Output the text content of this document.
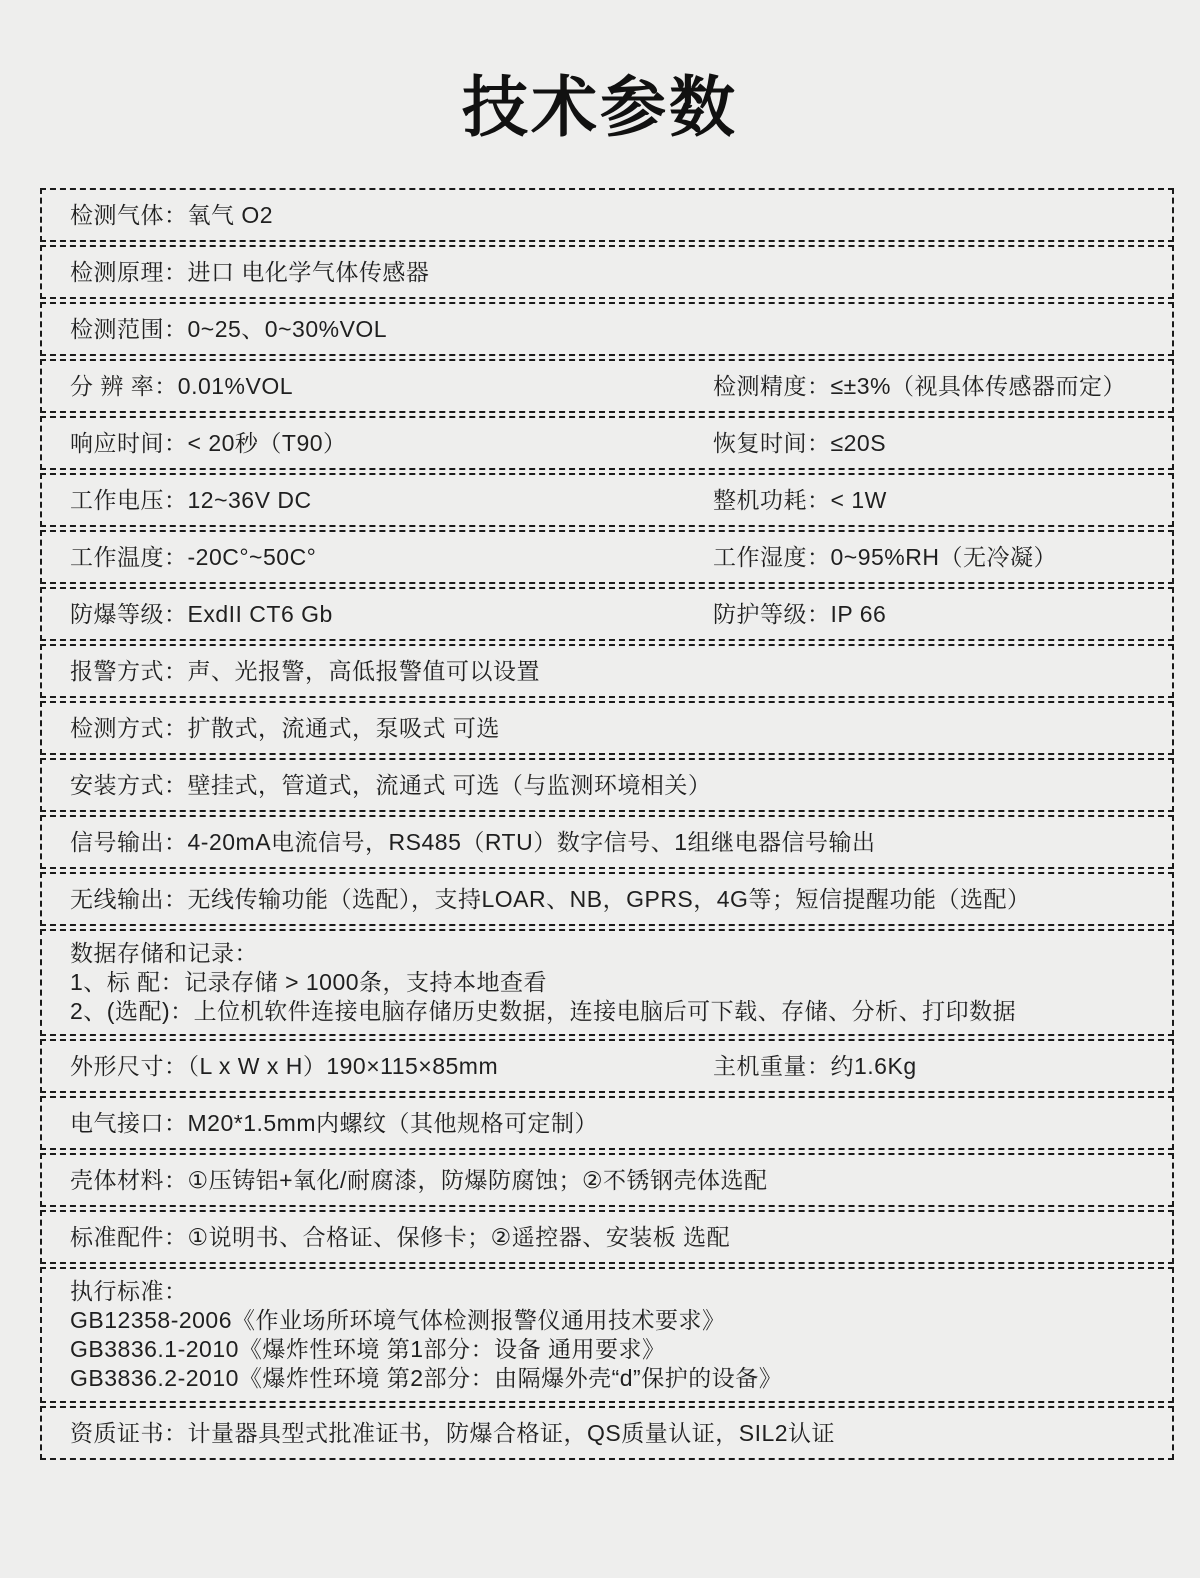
技术参数
检测气体：氧气 O2
检测原理：进口 电化学气体传感器
检测范围：0~25、0~30%VOL
分 辨 率：0.01%VOL	检测精度：≤±3%（视具体传感器而定）
响应时间：< 20秒（T90）	恢复时间：≤20S
工作电压：12~36V DC	整机功耗：< 1W
工作温度：-20C°~50C°	工作湿度：0~95%RH（无冷凝）
防爆等级：ExdII CT6 Gb	防护等级：IP 66
报警方式：声、光报警，高低报警值可以设置
检测方式：扩散式，流通式，泵吸式 可选
安装方式：壁挂式，管道式，流通式 可选（与监测环境相关）
信号输出：4-20mA电流信号，RS485（RTU）数字信号、1组继电器信号输出
无线输出：无线传输功能（选配），支持LOAR、NB，GPRS，4G等；短信提醒功能（选配）
数据存储和记录：
1、标 配：记录存储 > 1000条，支持本地查看
2、(选配)：上位机软件连接电脑存储历史数据，连接电脑后可下载、存储、分析、打印数据
外形尺寸：（L x W x H）190×115×85mm	主机重量：约1.6Kg
电气接口：M20*1.5mm内螺纹（其他规格可定制）
壳体材料：①压铸铝+氧化/耐腐漆，防爆防腐蚀；②不锈钢壳体选配
标准配件：①说明书、合格证、保修卡；②遥控器、安装板 选配
执行标准：
GB12358-2006《作业场所环境气体检测报警仪通用技术要求》
GB3836.1-2010《爆炸性环境 第1部分：设备 通用要求》
GB3836.2-2010《爆炸性环境 第2部分：由隔爆外壳“d”保护的设备》
资质证书：计量器具型式批准证书，防爆合格证，QS质量认证，SIL2认证
